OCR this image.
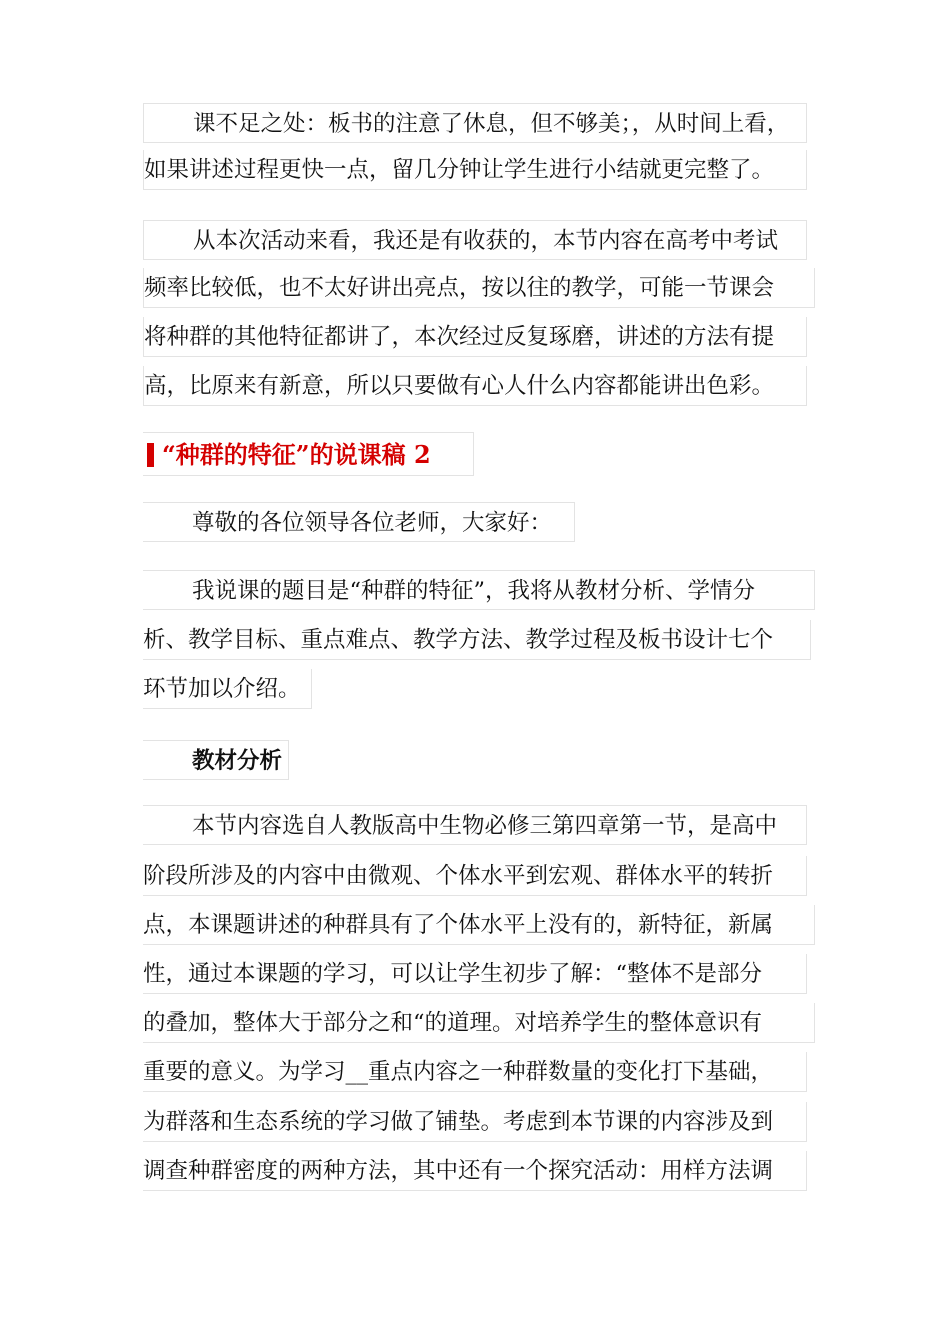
课不足之处：板书的注意了休息，但不够美；，从时间上看，
如果讲述过程更快一点，留几分钟让学生进行小结就更完整了。
从本次活动来看，我还是有收获的，本节内容在高考中考试
频率比较低，也不太好讲出亮点，按以往的教学，可能一节课会
将种群的其他特征都讲了，本次经过反复琢磨，讲述的方法有提
高，比原来有新意，所以只要做有心人什么内容都能讲出色彩。
“种群的特征”的说课稿 2
尊敬的各位领导各位老师，大家好：
我说课的题目是“种群的特征”，我将从教材分析、学情分
析、教学目标、重点难点、教学方法、教学过程及板书设计七个
环节加以介绍。
教材分析
本节内容选自人教版高中生物必修三第四章第一节，是高中
阶段所涉及的内容中由微观、个体水平到宏观、群体水平的转折
点，本课题讲述的种群具有了个体水平上没有的，新特征，新属
性，通过本课题的学习，可以让学生初步了解：“整体不是部分
的叠加，整体大于部分之和“的道理。对培养学生的整体意识有
重要的意义。为学习__重点内容之一种群数量的变化打下基础，
为群落和生态系统的学习做了铺垫。考虑到本节课的内容涉及到
调查种群密度的两种方法，其中还有一个探究活动：用样方法调
